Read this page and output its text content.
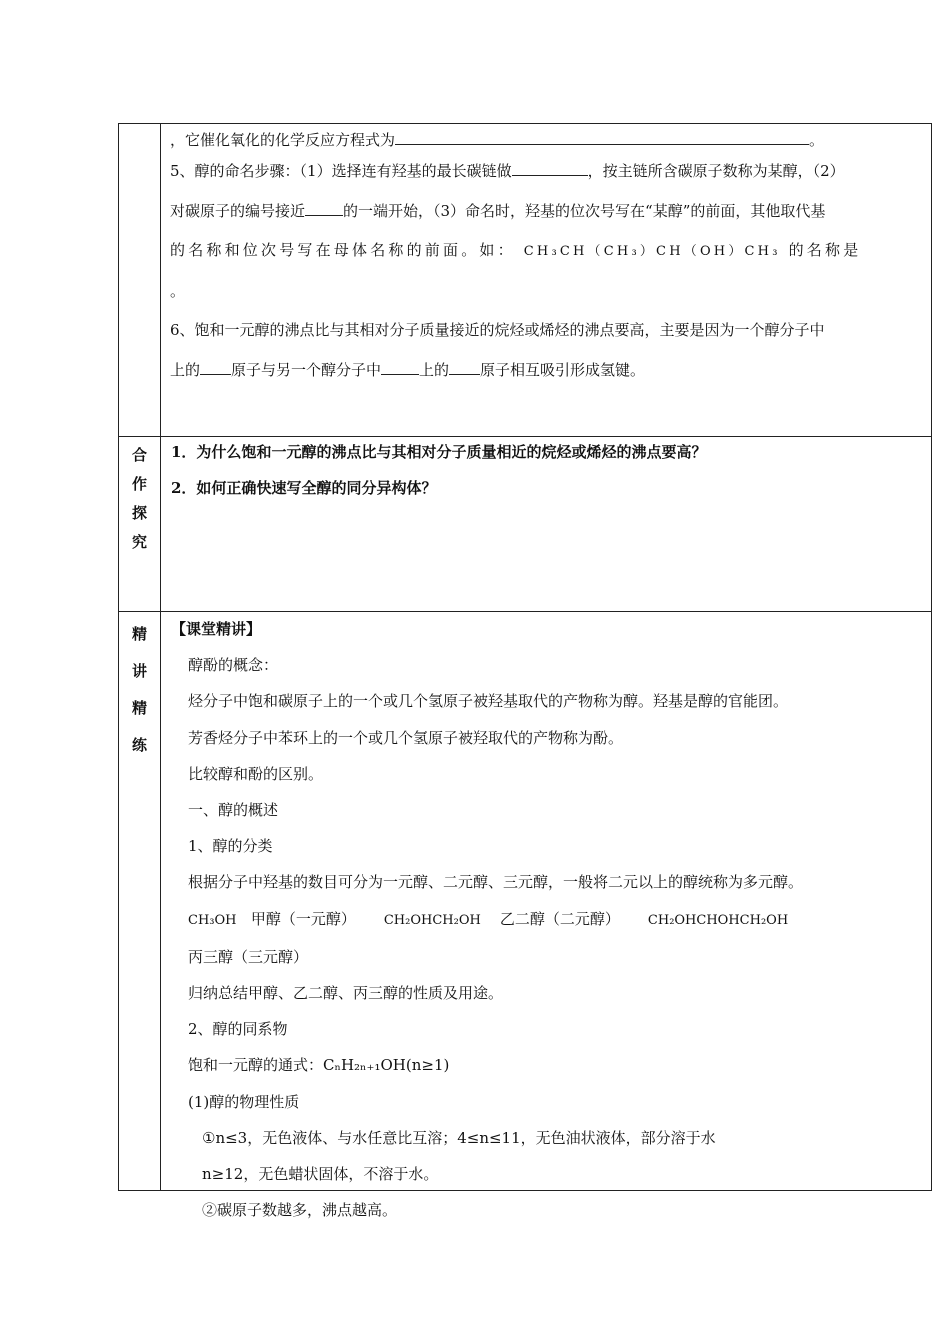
，它催化氧化的化学反应方程式为	。

5、醇的命名步骤：（1）选择连有羟基的最长碳链做	，按主链所含碳原子数称为某醇，（2）

对碳原子的编号接近	的一端开始，（3）命名时，羟基的位次号写在“某醇”的前面，其他取代基

的名称和位次号写在母体名称的前面。如： CH₃CH（CH₃）CH（OH）CH₃ 的名称是

。

6、饱和一元醇的沸点比与其相对分子质量接近的烷烃或烯烃的沸点要高，主要是因为一个醇分子中

上的 原子与另一个醇分子中	上的 原子相互吸引形成氢键。

合
作
探
究

1．为什么饱和一元醇的沸点比与其相对分子质量相近的烷烃或烯烃的沸点要高？

2．如何正确快速写全醇的同分异构体？

精
讲
精
练

【课堂精讲】

醇酚的概念：

烃分子中饱和碳原子上的一个或几个氢原子被羟基取代的产物称为醇。羟基是醇的官能团。

芳香烃分子中苯环上的一个或几个氢原子被羟取代的产物称为酚。

比较醇和酚的区别。

一、醇的概述

1、醇的分类

根据分子中羟基的数目可分为一元醇、二元醇、三元醇，一般将二元以上的醇统称为多元醇。

CH₃OH 甲醇（一元醇） CH₂OHCH₂OH 乙二醇（二元醇） CH₂OHCHOHCH₂OH    丙三醇（三元醇）

归纳总结甲醇、乙二醇、丙三醇的性质及用途。

2、醇的同系物

饱和一元醇的通式：CₙH₂ₙ₊₁OH(n≥1)

(1)醇的物理性质

①n≤3，无色液体、与水任意比互溶；4≤n≤11，无色油状液体，部分溶于水

n≥12，无色蜡状固体，不溶于水。

②碳原子数越多，沸点越高。
